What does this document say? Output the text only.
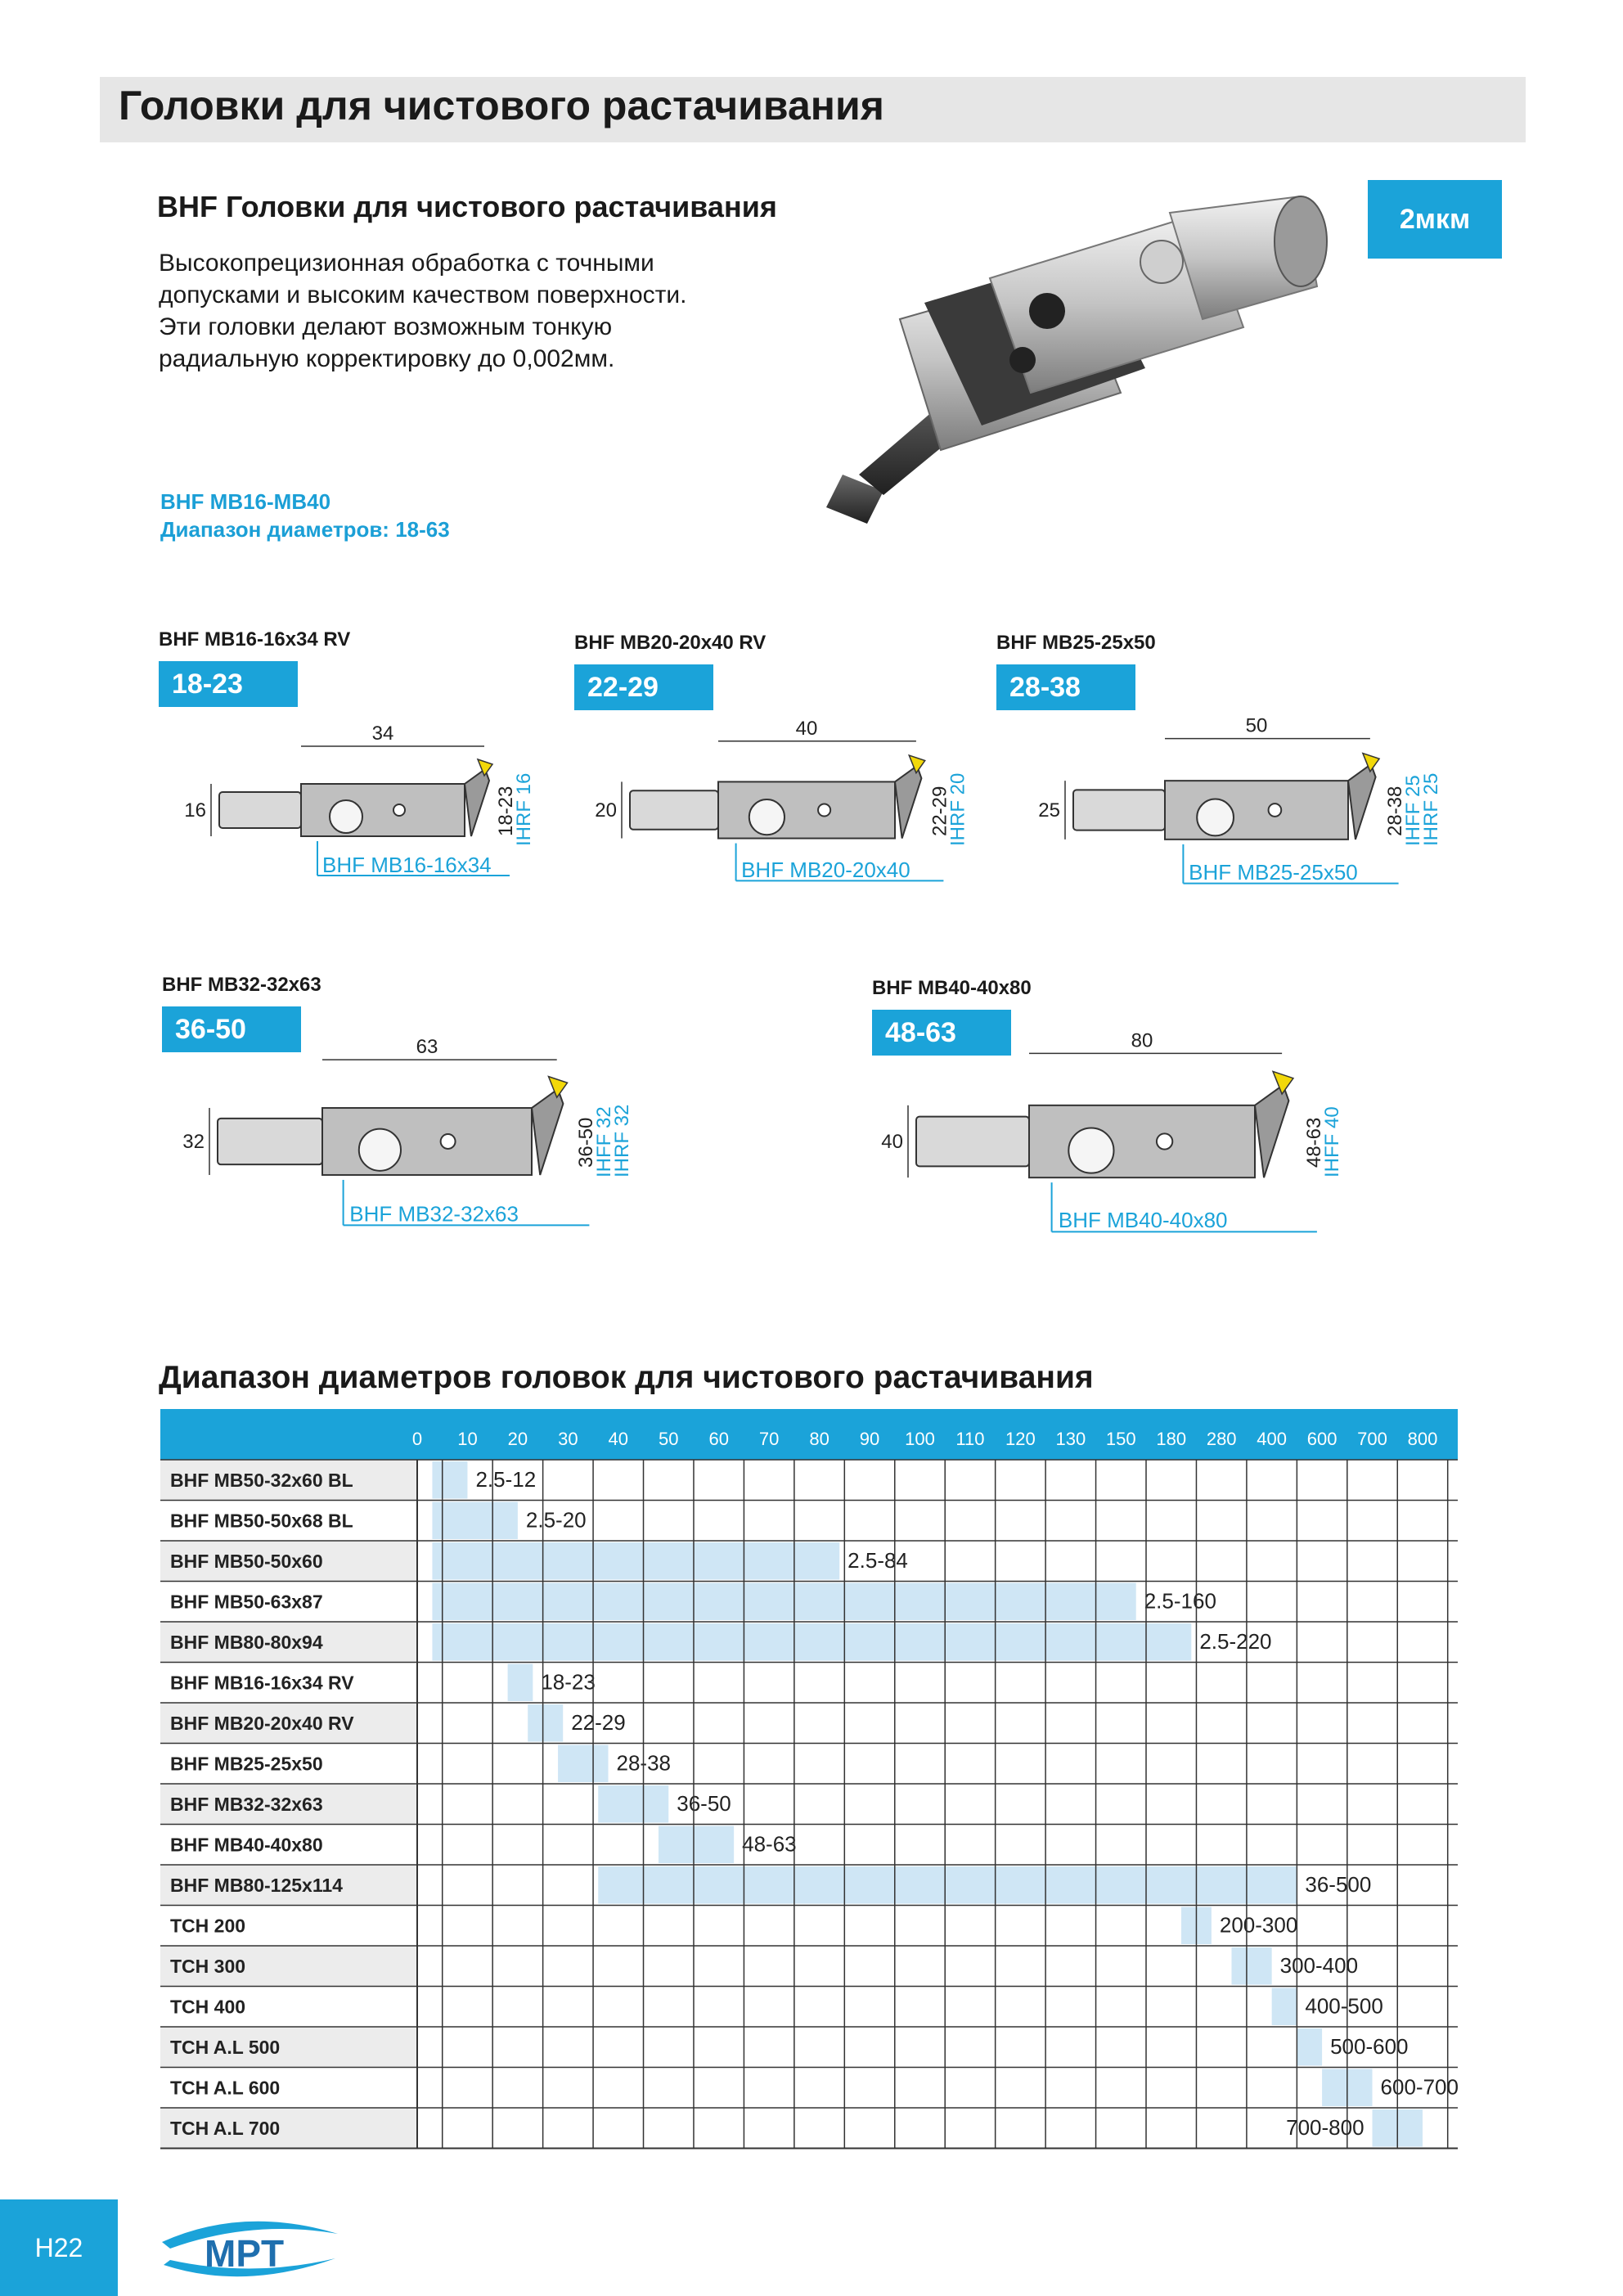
Головки для чистового растачивания
BHF Головки для чистового растачивания	2мкм
Высокопрецизионная обработка с точными
допусками и высоким качеством поверхности.
Эти головки делают возможным тонкую
радиальную корректировку до 0,002мм.
BHF MB16-MB40
Диапазон диаметров: 18-63
BHF MB16-16x34 RV
18-23
BHF MB20-20x40 RV
22-29
BHF MB25-25x50
28-38
BHF MB32-32x63
36-50
BHF MB40-40x80
48-63
34
16	18-23
IHRF 16
BHF MB16-16x34
40
20	22-29
IHRF 20
BHF MB20-20x40
50
25	28-38
IHFF 25
IHRF 25
BHF MB25-25x50
63
32	36-50
IHFF 32
IHRF 32
BHF MB32-32x63
80
40	48-63
IHFF 40
BHF MB40-40x80
Диапазон диаметров головок для чистового растачивания
0 10 20 30 40 50 60 70 80 90 100 110 120 130 150 180 280 400 600 700 800
BHF MB50-32x60 BL	2.5-12
BHF MB50-50x68 BL	2.5-20
BHF MB50-50x60	2.5-84
BHF MB50-63x87	2.5-160
BHF MB80-80x94	2.5-220
BHF MB16-16x34 RV	18-23
BHF MB20-20x40 RV	22-29
BHF MB25-25x50	28-38
BHF MB32-32x63	36-50
BHF MB40-40x80	48-63
BHF MB80-125x114	36-500
TCH 200	200-300
TCH 300	300-400
TCH 400	400-500
TCH A.L 500	500-600
TCH A.L 600	600-700
TCH A.L 700	700-800
H22	MPT
